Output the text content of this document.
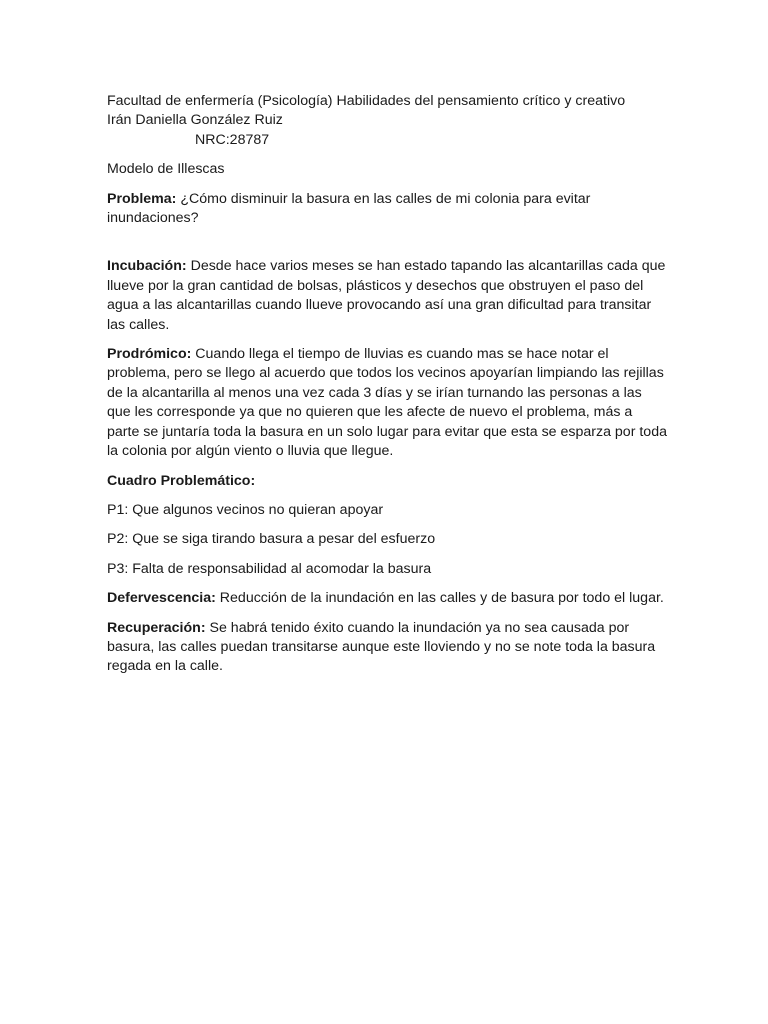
Facultad de enfermería (Psicología) Habilidades del pensamiento crítico y creativo

Irán Daniella González Ruiz

NRC:28787

Modelo de Illescas

Problema: ¿Cómo disminuir la basura en las calles de mi colonia para evitar inundaciones?

Incubación: Desde hace varios meses se han estado tapando las alcantarillas cada que llueve por la gran cantidad de bolsas, plásticos y desechos que obstruyen el paso del agua a las alcantarillas cuando llueve provocando así una gran dificultad para transitar las calles.

Prodrómico: Cuando llega el tiempo de lluvias es cuando mas se hace notar el problema, pero se llego al acuerdo que todos los vecinos apoyarían limpiando las rejillas de la alcantarilla al menos una vez cada 3 días y se irían turnando las personas a las que les corresponde ya que no quieren que les afecte de nuevo el problema, más a parte se juntaría toda la basura en un solo lugar para evitar que esta se esparza por toda la colonia por algún viento o lluvia que llegue.

Cuadro Problemático:

P1: Que algunos vecinos no quieran apoyar

P2: Que se siga tirando basura a pesar del esfuerzo

P3: Falta de responsabilidad al acomodar la basura

Defervescencia: Reducción de la inundación en las calles y de basura por todo el lugar.

Recuperación: Se habrá tenido éxito cuando la inundación ya no sea causada por basura, las calles puedan transitarse aunque este lloviendo y no se note toda la basura regada en la calle.
